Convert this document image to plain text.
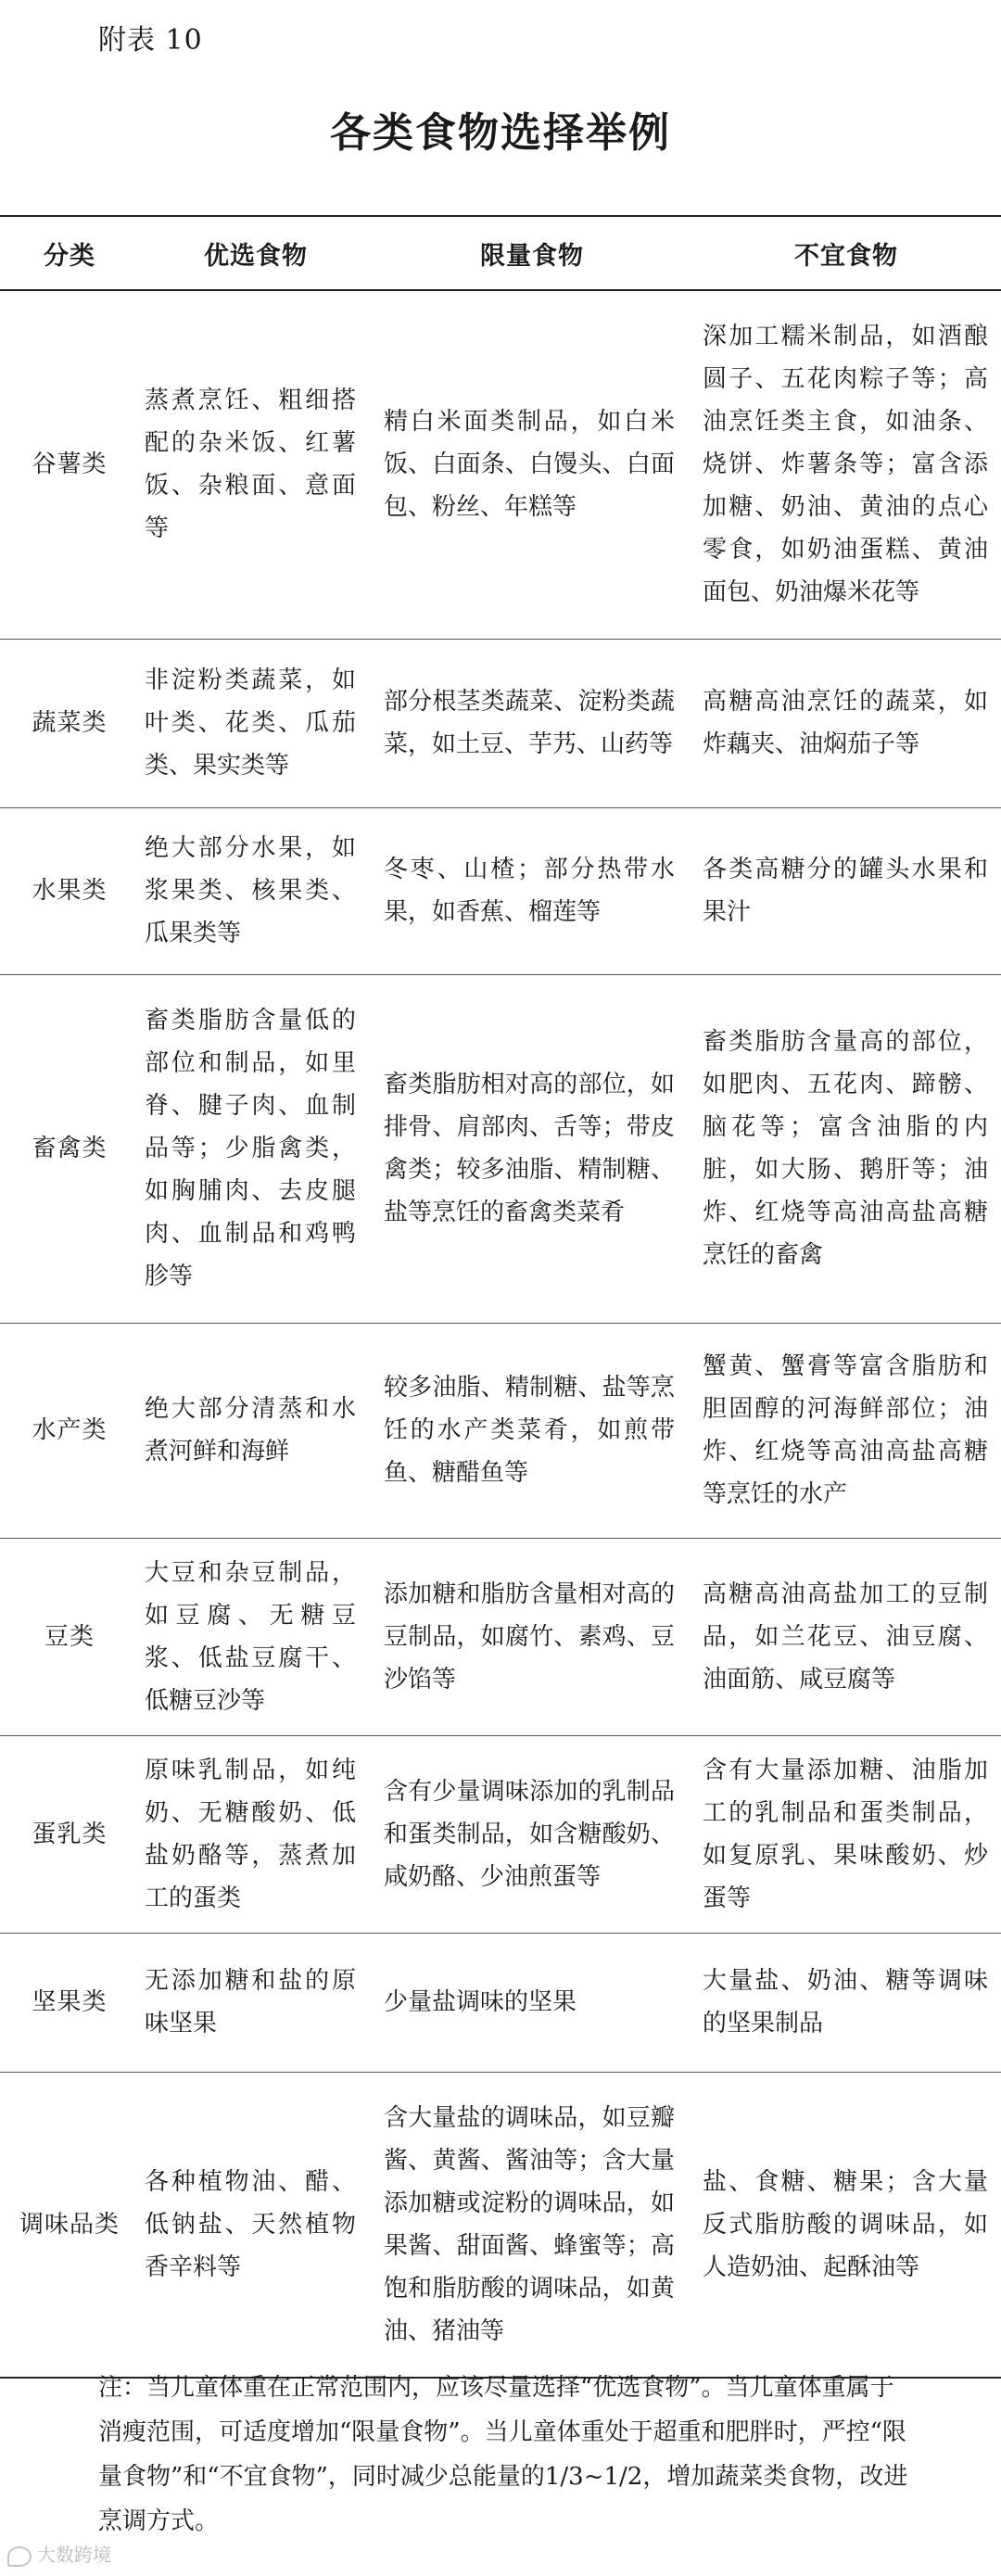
附表 10
各类食物选择举例
分类	优选食物	限量食物	不宜食物
谷薯类	蒸煮烹饪、粗细搭配的杂米饭、红薯饭、杂粮面、意面等	精白米面类制品，如白米饭、白面条、白馒头、白面包、粉丝、年糕等	深加工糯米制品，如酒酿圆子、五花肉粽子等；高油烹饪类主食，如油条、烧饼、炸薯条等；富含添加糖、奶油、黄油的点心零食，如奶油蛋糕、黄油面包、奶油爆米花等
蔬菜类	非淀粉类蔬菜，如叶类、花类、瓜茄类、果实类等	部分根茎类蔬菜、淀粉类蔬菜，如土豆、芋艿、山药等	高糖高油烹饪的蔬菜，如炸藕夹、油焖茄子等
水果类	绝大部分水果，如浆果类、核果类、瓜果类等	冬枣、山楂；部分热带水果，如香蕉、榴莲等	各类高糖分的罐头水果和果汁
畜禽类	畜类脂肪含量低的部位和制品，如里脊、腱子肉、血制品等；少脂禽类，如胸脯肉、去皮腿肉、血制品和鸡鸭胗等	畜类脂肪相对高的部位，如排骨、肩部肉、舌等；带皮禽类；较多油脂、精制糖、盐等烹饪的畜禽类菜肴	畜类脂肪含量高的部位，如肥肉、五花肉、蹄髈、脑花等；富含油脂的内脏，如大肠、鹅肝等；油炸、红烧等高油高盐高糖烹饪的畜禽
水产类	绝大部分清蒸和水煮河鲜和海鲜	较多油脂、精制糖、盐等烹饪的水产类菜肴，如煎带鱼、糖醋鱼等	蟹黄、蟹膏等富含脂肪和胆固醇的河海鲜部位；油炸、红烧等高油高盐高糖等烹饪的水产
豆类	大豆和杂豆制品，如豆腐、无糖豆浆、低盐豆腐干、低糖豆沙等	添加糖和脂肪含量相对高的豆制品，如腐竹、素鸡、豆沙馅等	高糖高油高盐加工的豆制品，如兰花豆、油豆腐、油面筋、咸豆腐等
蛋乳类	原味乳制品，如纯奶、无糖酸奶、低盐奶酪等，蒸煮加工的蛋类	含有少量调味添加的乳制品和蛋类制品，如含糖酸奶、咸奶酪、少油煎蛋等	含有大量添加糖、油脂加工的乳制品和蛋类制品，如复原乳、果味酸奶、炒蛋等
坚果类	无添加糖和盐的原味坚果	少量盐调味的坚果	大量盐、奶油、糖等调味的坚果制品
调味品类	各种植物油、醋、低钠盐、天然植物香辛料等	含大量盐的调味品，如豆瓣酱、黄酱、酱油等；含大量添加糖或淀粉的调味品，如果酱、甜面酱、蜂蜜等；高饱和脂肪酸的调味品，如黄油、猪油等	盐、食糖、糖果；含大量反式脂肪酸的调味品，如人造奶油、起酥油等
注：当儿童体重在正常范围内，应该尽量选择“优选食物”。当儿童体重属于消瘦范围，可适度增加“限量食物”。当儿童体重处于超重和肥胖时，严控“限量食物”和“不宜食物”，同时减少总能量的1/3~1/2，增加蔬菜类食物，改进烹调方式。
大数跨境
